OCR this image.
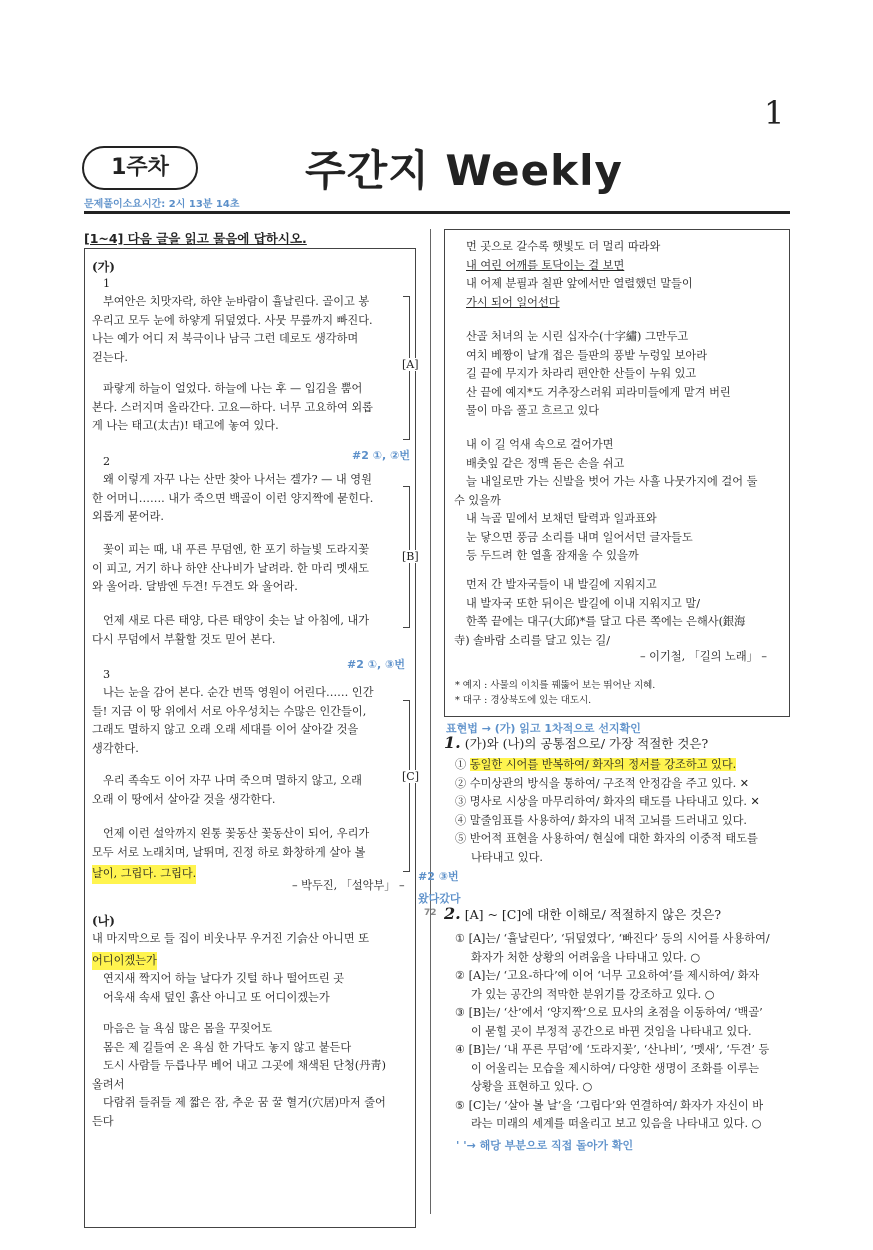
1
1주차	주간지 Weekly
문제풀이소요시간: 2시 13분 14초
[1~4] 다음 글을 읽고 물음에 답하시오.
(가)
1
부여안은 치맛자락, 하얀 눈바람이 휼날린다. 골이고 봉
우리고 모두 눈에 하얗게 뒤덮였다. 사뭇 무릎까지 빠진다.
나는 예가 어디 저 북극이나 남극 그런 데로도 생각하며
걷는다.
파랗게 하늘이 얼었다. 하늘에 나는 후 — 입김을 뿜어
본다. 스러지며 올라간다. 고요—하다. 너무 고요하여 외롭
게 나는 태고(太古)! 태고에 놓여 있다.
[A]
#2 ①, ②번
2
왜 이렇게 자꾸 나는 산만 찾아 나서는 겔가? — 내 영원
한 어머니……. 내가 죽으면 백골이 이런 양지짝에 묻힌다.
외롭게 묻어라.
꽃이 피는 때, 내 푸른 무덤엔, 한 포기 하늘빛 도라지꽃
이 피고, 거기 하나 하얀 산나비가 날려라. 한 마리 멧새도
와 울어라. 달밤엔 두견! 두견도 와 울어라.
언제 새로 다른 태양, 다른 태양이 솟는 날 아침에, 내가
다시 무덤에서 부활할 것도 믿어 본다.
[B]
#2 ①, ③번
3
나는 눈을 감어 본다. 순간 번뜩 영원이 어린다…… 인간
들! 지금 이 땅 위에서 서로 아우성치는 수많은 인간들이,
그래도 멸하지 않고 오래 오래 세대를 이어 살아갈 것을
생각한다.
우리 족속도 이어 자꾸 나며 죽으며 멸하지 않고, 오래
오래 이 땅에서 살아갈 것을 생각한다.
언제 이런 설악까지 왼통 꽃동산 꽃동산이 되어, 우리가
모두 서로 노래치며, 날뛰며, 진정 하로 화창하게 살아 볼
날이, 그립다. 그립다.
[C]
– 박두진, 「설악부」 –
#2 ③번
왔다갔다
(나)
내 마지막으로 들 집이 비웃나무 우거진 기슭산 아니면 또
어디이겠는가
연지새 짝지어 하늘 날다가 깃털 하나 떨어뜨린 곳
어욱새 속새 덮인 흙산 아니고 또 어디이겠는가
마음은 늘 욕심 많은 몸을 꾸짖어도
몸은 제 길들여 온 욕심 한 가닥도 놓지 않고 붙든다
도시 사람들 두릅나무 베어 내고 그곳에 채색된 단청(丹靑)
올려서
다람쥐 들쥐들 제 짧은 잠, 추운 꿈 꿀 혈거(穴居)마저 줄어
든다
먼 곳으로 갈수록 햇빛도 더 멀리 따라와
내 여린 어깨를 토닥이는 걸 보면
내 어제 분필과 칠판 앞에서만 열렬했던 말들이
가시 되어 일어선다
산골 처녀의 눈 시린 십자수(十字繡) 그만두고
여치 베짱이 날개 접은 들판의 풍밭 누렁잎 보아라
길 끝에 무지가 차라리 편안한 산들이 누워 있고
산 끝에 예지*도 거추장스러워 피라미들에게 맡겨 버린
물이 마음 풀고 흐르고 있다
내 이 길 억새 속으로 걸어가면
배춧잎 같은 정맥 돋은 손을 쉬고
늘 내일로만 가는 신발을 벗어 가는 사흘 나뭇가지에 걸어 둘
수 있을까
내 늑골 밑에서 보채던 탈력과 일과표와
눈 닿으면 풍금 소리를 내며 일어서던 글자들도
등 두드려 한 열흘 잠재울 수 있을까
먼저 간 발자국들이 내 발길에 지워지고
내 발자국 또한 뒤이은 발길에 이내 지워지고 말/
한쪽 끝에는 대구(大邱)*를 달고 다른 쪽에는 은해사(銀海
寺) 솔바람 소리를 달고 있는 길/
– 이기철, 「길의 노래」 –
* 예지 : 사물의 이치를 꿰뚫어 보는 뛰어난 지혜.
* 대구 : 경상북도에 있는 대도시.
표현법 → (가) 읽고 1차적으로 선지확인
1. (가)와 (나)의 공통점으로/ 가장 적절한 것은?
① 동일한 시어를 반복하여/ 화자의 정서를 강조하고 있다.
② 수미상관의 방식을 통하여/ 구조적 안정감을 주고 있다. ✕
③ 명사로 시상을 마무리하여/ 화자의 태도를 나타내고 있다. ✕
④ 말줄임표를 사용하여/ 화자의 내적 고뇌를 드러내고 있다.
⑤ 반어적 표현을 사용하여/ 현실에 대한 화자의 이중적 태도를
나타내고 있다.
72 2. [A] ~ [C]에 대한 이해로/ 적절하지 않은 것은?
① [A]는/ ‘휼날린다’, ‘뒤덮였다’, ‘빠진다’ 등의 시어를 사용하여/
화자가 처한 상황의 어려움을 나타내고 있다. ○
② [A]는/ ‘고요-하다’에 이어 ‘너무 고요하여’를 제시하여/ 화자
가 있는 공간의 적막한 분위기를 강조하고 있다. ○
③ [B]는/ ‘산’에서 ‘양지짝’으로 묘사의 초점을 이동하여/ ‘백골’
이 묻힐 곳이 부정적 공간으로 바뀐 것임을 나타내고 있다.
④ [B]는/ ‘내 푸른 무덤’에 ‘도라지꽃’, ‘산나비’, ‘멧새’, ‘두견’ 등
이 어울리는 모습을 제시하여/ 다양한 생명이 조화를 이루는
상황을 표현하고 있다. ○
⑤ [C]는/ ‘살아 볼 날’을 ‘그립다’와 연결하여/ 화자가 자신이 바
라는 미래의 세계를 떠올리고 보고 있음을 나타내고 있다. ○
' '→ 해당 부분으로 직접 돌아가 확인
